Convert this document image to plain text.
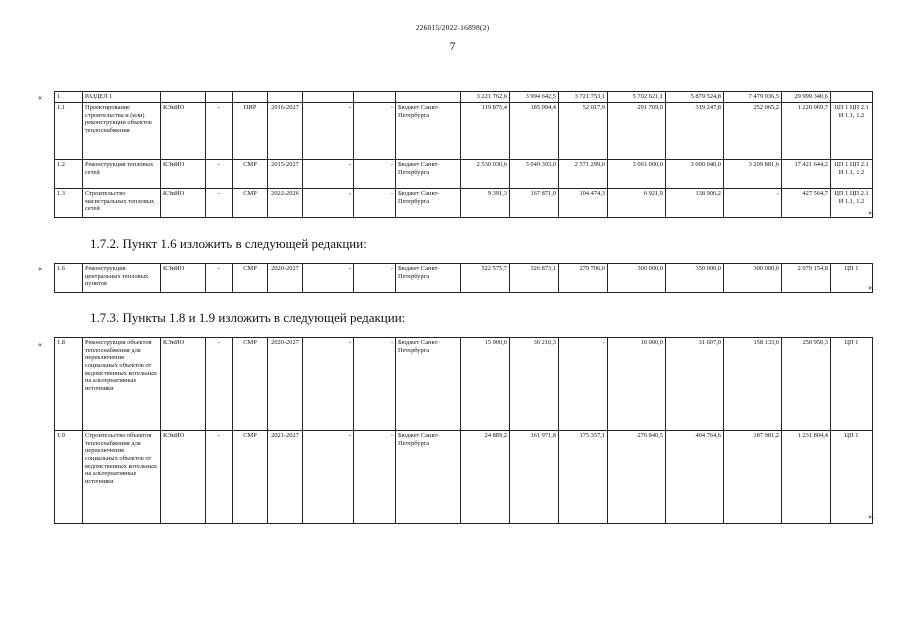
226015/2022-16898(2)
7
« 1	РАЗДЕЛ 1								3 221 762,6	3 994 642,5	3 721 753,1	5 702 621,1	5 879 524,8	7 479 036,5	29 999 340,6	
1.1	Проектирование строительства и (или) реконструкции объектов теплоснабжения	КЭиИО	-	ПИР	2016-2027	-	-	Бюджет Санкт-Петербурга	119 875,4	185 094,4	52 017,9	291 769,0	319 247,8	252 065,2	1 220 069,7	ЦП 1 ЦП 2.1 И 1.1, 1.2
1.2	Реконструкция тепловых сетей	КЭиИО	-	СМР	2015-2027	-	-	Бюджет Санкт-Петербурга	2 530 030,6	3 049 393,0	2 571 299,0	3 061 000,0	3 000 040,0	3 209 881,6	17 421 644,2	ЦП 1 ЦП 2.1 И 1.1, 1.2
1.3	Строительство магистральных тепловых сетей	КЭиИО	-	СМР	2022-2026	-	-	Бюджет Санкт-Петербурга	9 391,3	167 871,0	104 474,3	6 921,9	138 906,2	-	427 564,7	ЦП 1 ЦП 2.1 И 1.1, 1.2
».
1.7.2. Пункт 1.6 изложить в следующей редакции:
« 1.6	Реконструкция центральных тепловых пунктов	КЭиИО	-	СМР	2020-2027	-	-	Бюджет Санкт-Петербурга	522 575,7	326 873,1	279 706,0	300 000,0	350 000,0	300 000,0	2 079 154,8	ЦП 1
».
1.7.3. Пункты 1.8 и 1.9 изложить в следующей редакции:
« 1.8	Реконструкция объектов теплоснабжения для переключения социальных объектов от ведомственных котельных на альтернативные источники	КЭиИО	-	СМР	2020-2027	-	-	Бюджет Санкт-Петербурга	15 000,0	36 210,3	-	10 000,0	31 607,0	158 133,0	250 950,3	ЦП 1
1.9	Строительство объектов теплоснабжения для переключения социальных объектов от ведомственных котельных на альтернативные источники	КЭиИО	-	СМР	2021-2027	-	-	Бюджет Санкт-Петербурга	24 889,2	161 971,8	175 357,1	276 840,5	404 764,6	187 981,2	1 231 804,4	ЦП 1
».
